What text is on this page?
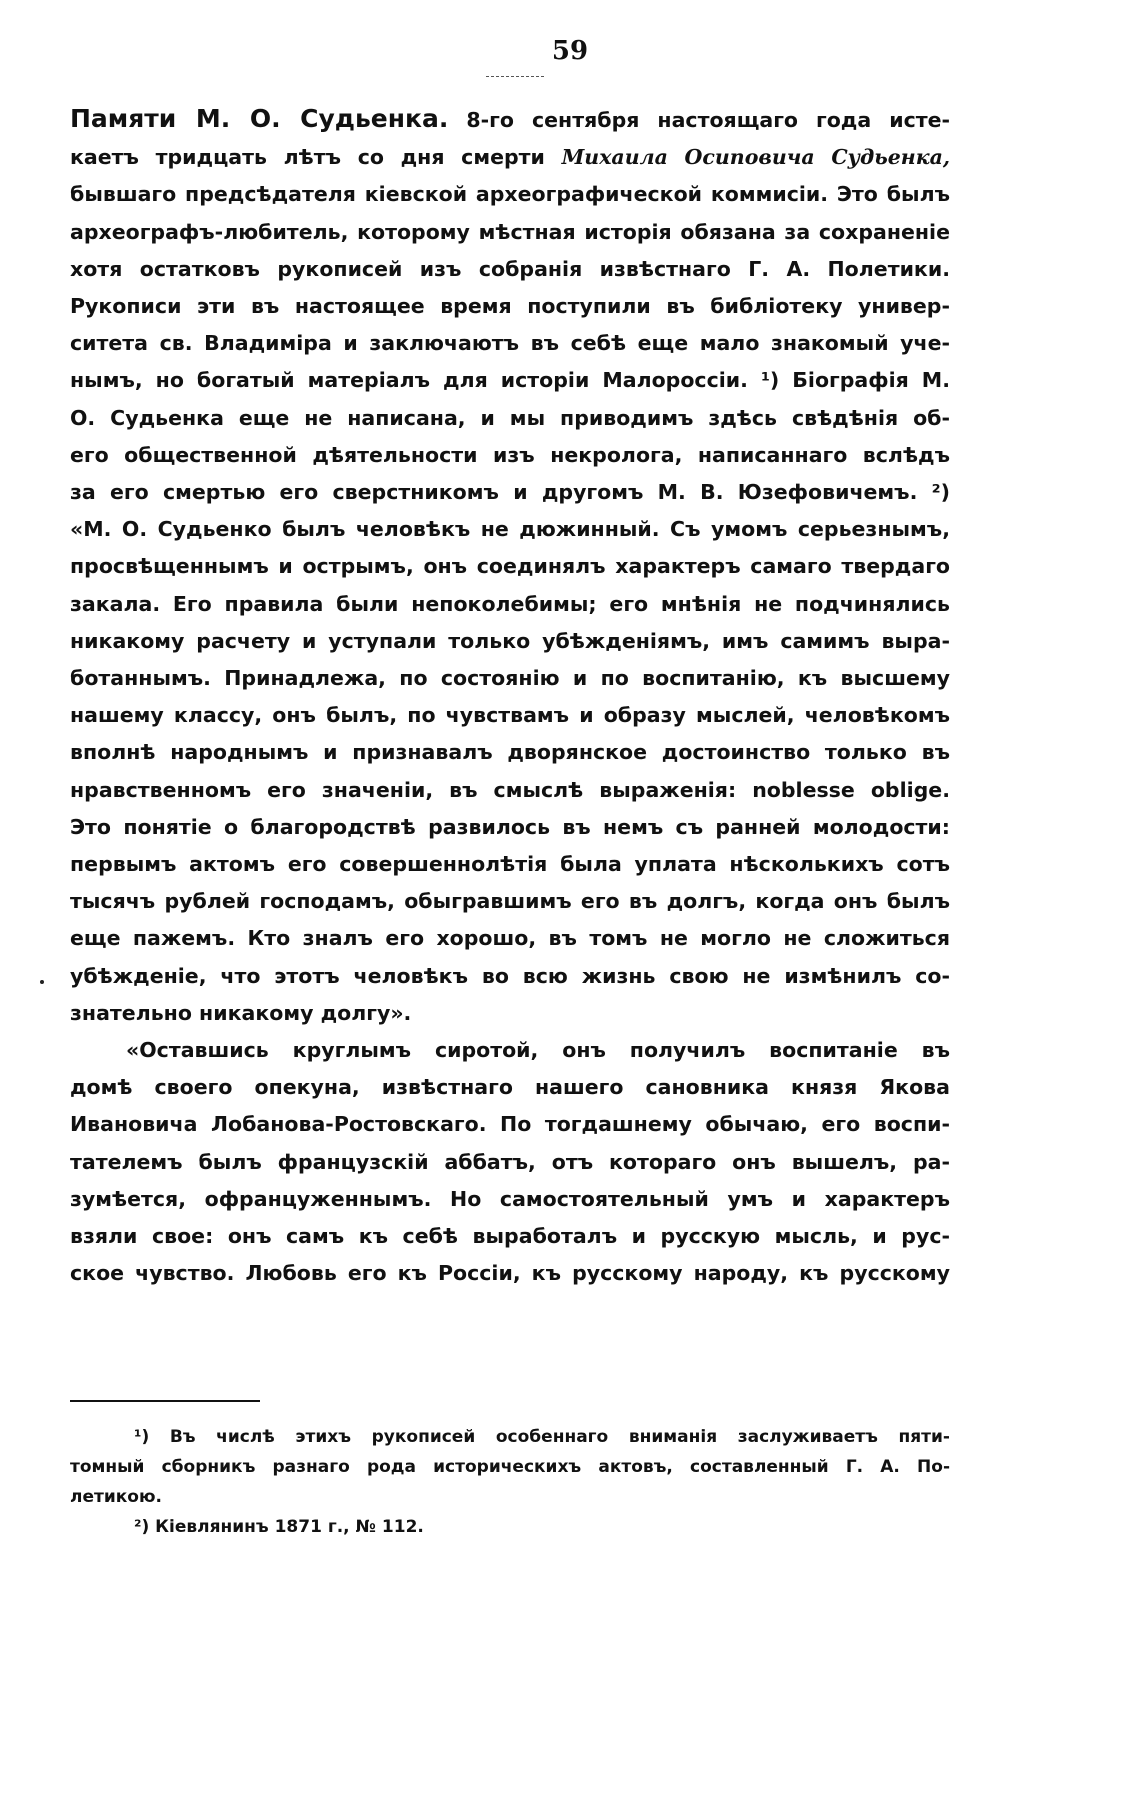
59
Памяти М. О. Судьенка. 8-го сентября настоящаго года исте-
каетъ тридцать лѣтъ со дня смерти Михаила Осиповича Судьенка,
бывшаго предсѣдателя кіевской археографической коммисіи. Это былъ
археографъ-любитель, которому мѣстная исторія обязана за сохраненіе
хотя остатковъ рукописей изъ собранія извѣстнаго Г. А. Полетики.
Рукописи эти въ настоящее время поступили въ библіотеку универ-
ситета св. Владиміра и заключаютъ въ себѣ еще мало знакомый уче-
нымъ, но богатый матеріалъ для исторіи Малороссіи. ¹) Біографія М.
О. Судьенка еще не написана, и мы приводимъ здѣсь свѣдѣнія об-
его общественной дѣятельности изъ некролога, написаннаго вслѣдъ
за его смертью его сверстникомъ и другомъ М. В. Юзефовичемъ. ²)
«М. О. Судьенко былъ человѣкъ не дюжинный. Съ умомъ серьезнымъ,
просвѣщеннымъ и острымъ, онъ соединялъ характеръ самаго твердаго
закала. Его правила были непоколебимы; его мнѣнія не подчинялись
никакому расчету и уступали только убѣжденіямъ, имъ самимъ выра-
ботаннымъ. Принадлежа, по состоянію и по воспитанію, къ высшему
нашему классу, онъ былъ, по чувствамъ и образу мыслей, человѣкомъ
вполнѣ народнымъ и признавалъ дворянское достоинство только въ
нравственномъ его значеніи, въ смыслѣ выраженія: noblesse oblige.
Это понятіе о благородствѣ развилось въ немъ съ ранней молодости:
первымъ актомъ его совершеннолѣтія была уплата нѣсколькихъ сотъ
тысячъ рублей господамъ, обыгравшимъ его въ долгъ, когда онъ былъ
еще пажемъ. Кто зналъ его хорошо, въ томъ не могло не сложиться
убѣжденіе, что этотъ человѣкъ во всю жизнь свою не измѣнилъ со-
знательно никакому долгу».
«Оставшись круглымъ сиротой, онъ получилъ воспитаніе въ
домѣ своего опекуна, извѣстнаго нашего сановника князя Якова
Ивановича Лобанова-Ростовскаго. По тогдашнему обычаю, его воспи-
тателемъ былъ французскій аббатъ, отъ котораго онъ вышелъ, ра-
зумѣется, офранцуженнымъ. Но самостоятельный умъ и характеръ
взяли свое: онъ самъ къ себѣ выработалъ и русскую мысль, и рус-
ское чувство. Любовь его къ Россіи, къ русскому народу, къ русскому
¹) Въ числѣ этихъ рукописей особеннаго вниманія заслуживаетъ пяти-
томный сборникъ разнаго рода историческихъ актовъ, составленный Г. А. По-
летикою.
²) Кіевлянинъ 1871 г., № 112.
